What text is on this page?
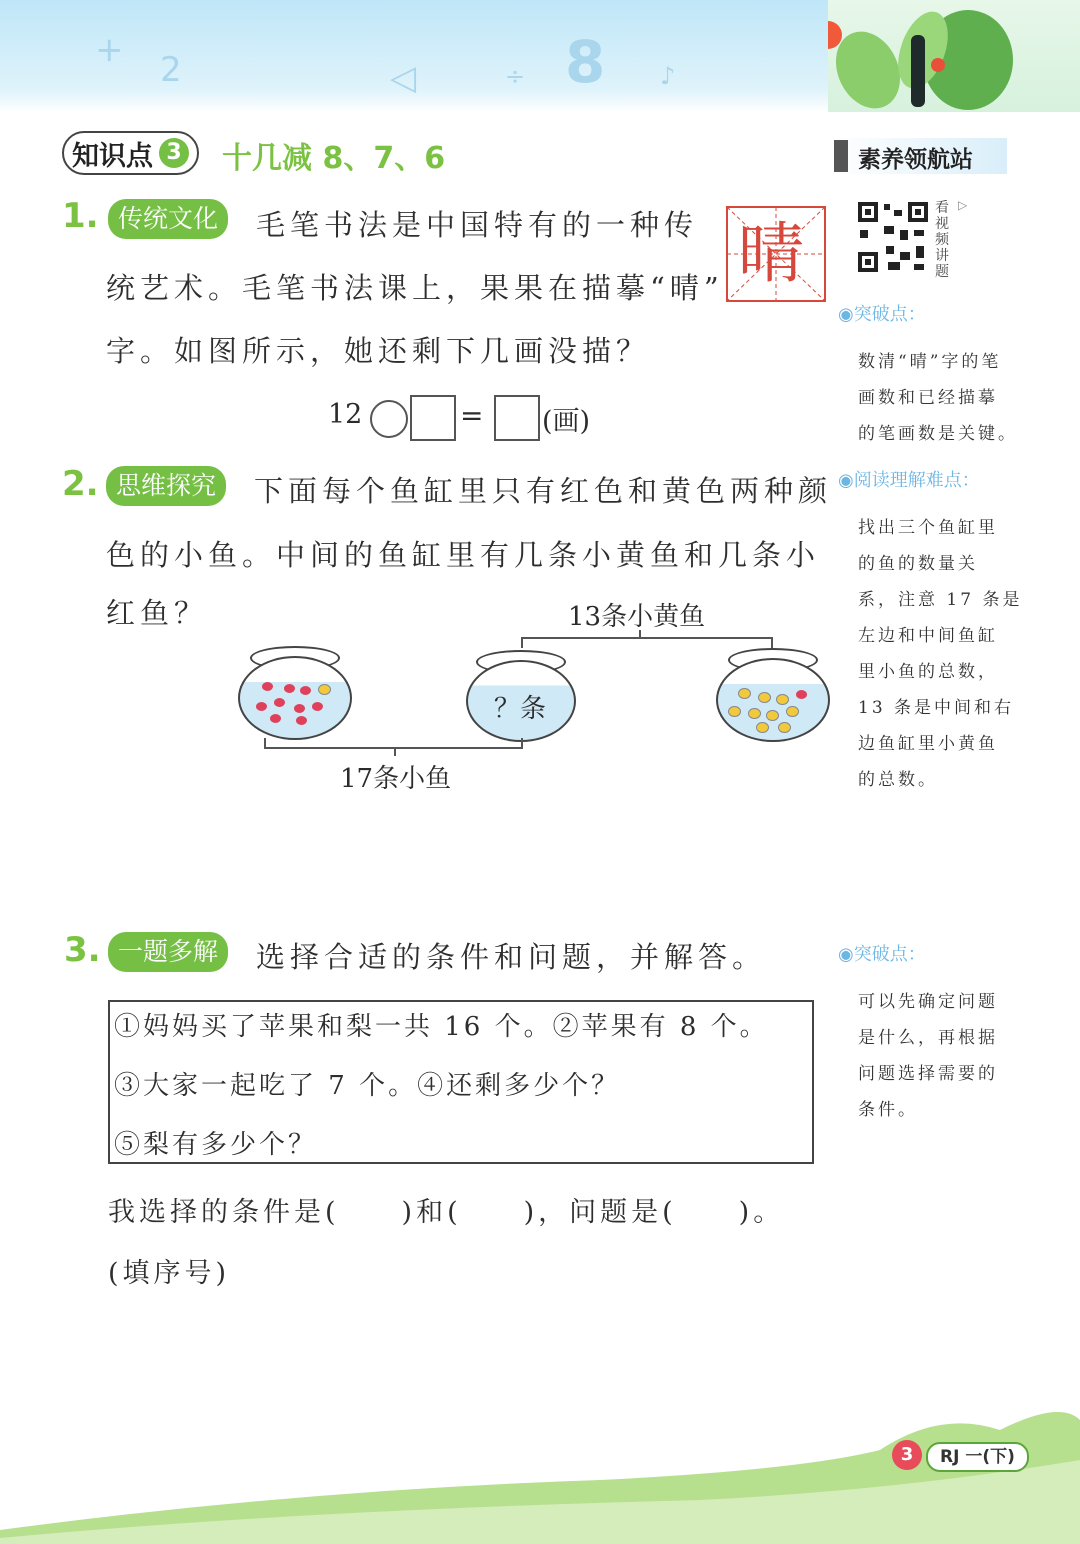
+ 2	◁	÷ 8 ♪
知识点 3 十几减 8、7、6	素养领航站
看视频讲题
▷
1. 传统文化	毛笔书法是中国特有的一种传
统艺术。毛笔书法课上，果果在描摹“晴”
字。如图所示，她还剩下几画没描？
晴
12	= (画)
2. 思维探究	下面每个鱼缸里只有红色和黄色两种颜
色的小鱼。中间的鱼缸里有几条小黄鱼和几条小
红鱼？	13条小黄鱼
？条
17条小鱼
3. 一题多解	选择合适的条件和问题，并解答。
①妈妈买了苹果和梨一共 16 个。②苹果有 8 个。
③大家一起吃了 7 个。④还剩多少个？
⑤梨有多少个？
我选择的条件是(　　)和(　　)，问题是(　　)。
(填序号)
◉突破点：
数清“晴”字的笔
画数和已经描摹
的笔画数是关键。
◉阅读理解难点：
找出三个鱼缸里
的鱼的数量关
系，注意 17 条是
左边和中间鱼缸
里小鱼的总数，
13 条是中间和右
边鱼缸里小黄鱼
的总数。
◉突破点：
可以先确定问题
是什么，再根据
问题选择需要的
条件。
3	RJ 一(下)
